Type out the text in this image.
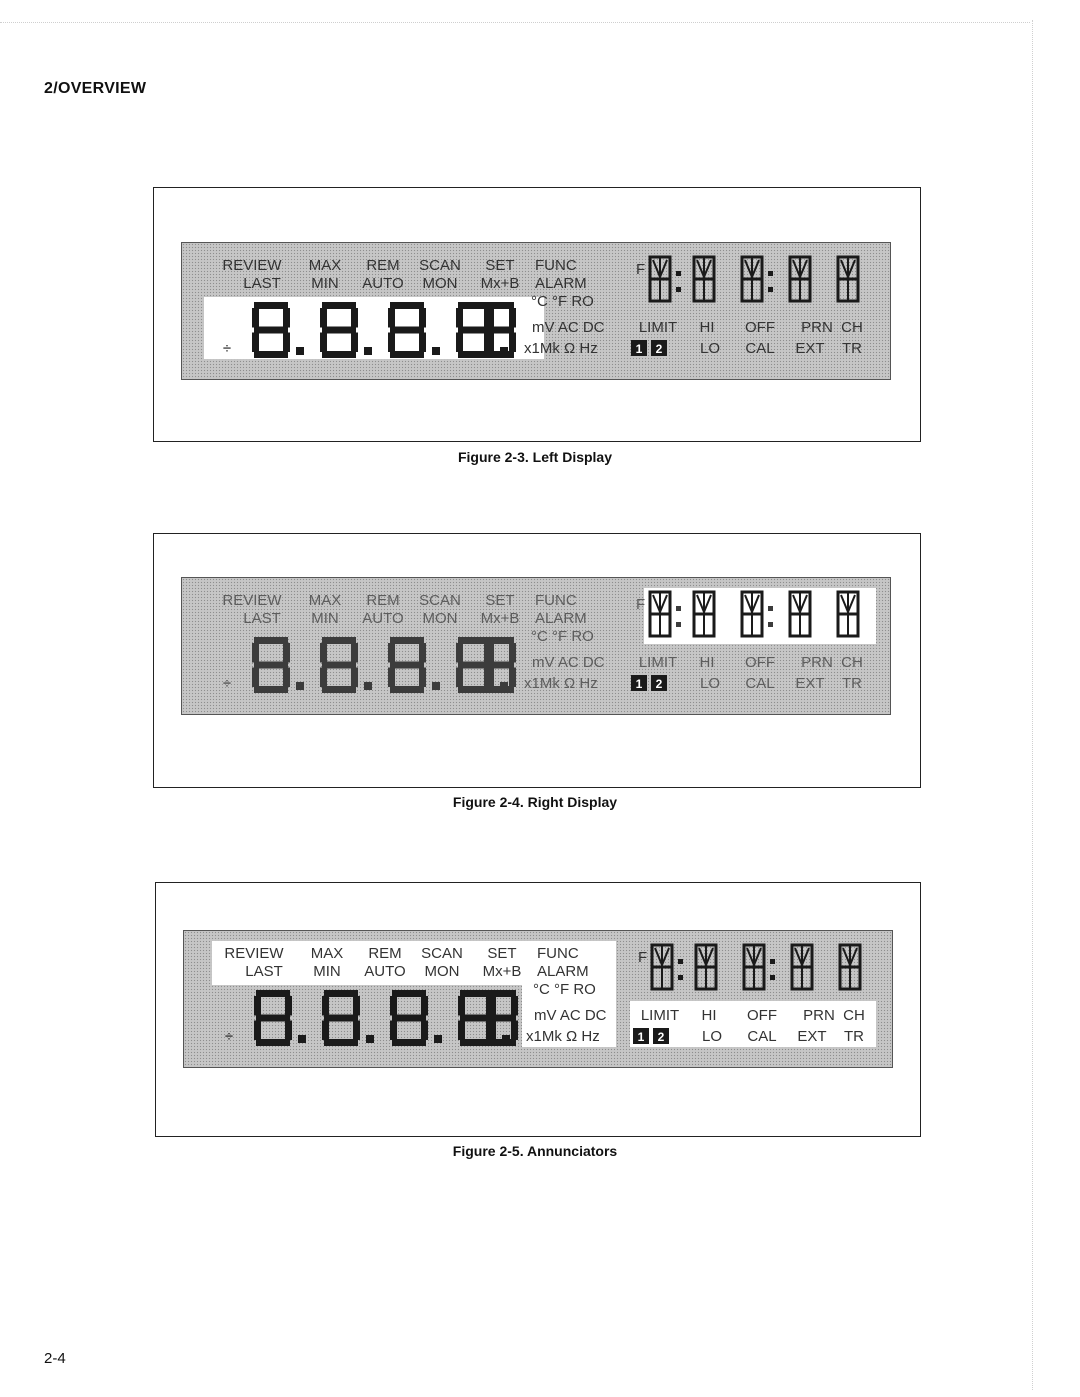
2/OVERVIEW
REVIEW MAX REM SCAN SET FUNC
LAST MIN AUTO MON Mx+B ALARM
°C °F RO
mV AC DC
x1Mk Ω Hz
÷
F
LIMIT HI OFF PRN CH
1 2	LO CAL EXT TR
Figure 2-3. Left Display
REVIEW MAX REM SCAN SET FUNC
LAST MIN AUTO MON Mx+B ALARM
°C °F RO
mV AC DC
x1Mk Ω Hz
÷
F
LIMIT HI OFF PRN CH
1 2	LO CAL EXT TR
Figure 2-4. Right Display
REVIEW MAX REM SCAN SET FUNC
LAST MIN AUTO MON Mx+B ALARM
°C °F RO
mV AC DC
x1Mk Ω Hz
÷
F
LIMIT HI OFF PRN CH
1 2	LO CAL EXT TR
Figure 2-5. Annunciators
2-4
